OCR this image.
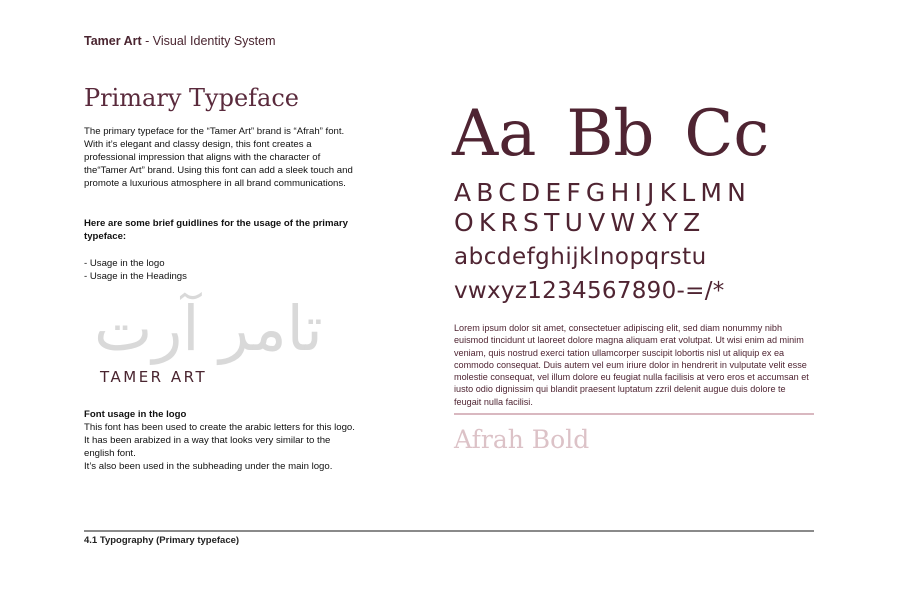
Tamer Art - Visual Identity System
Primary Typeface
The primary typeface for the “Tamer Art” brand is “Afrah” font. With it’s elegant and classy design, this font creates a professional impression that aligns with the character of the“Tamer Art” brand. Using this font can add a sleek touch and promote a luxurious atmosphere in all brand communications.
Here are some brief guidlines for the usage of the primary typeface:
- Usage in the logo
- Usage in the Headings
تامر آرت
TAMER ART
Font usage in the logo
This font has been used to create the arabic letters for this logo. It has been arabized in a way that looks very similar to the english font.
It’s also been used in the subheading under the main logo.
Aa Bb Cc
ABCDEFGHIJKLMN
OKRSTUVWXYZ
abcdefghijklnopqrstu
vwxyz1234567890-=/*
Lorem ipsum dolor sit amet, consectetuer adipiscing elit, sed diam nonummy nibh euismod tincidunt ut laoreet dolore magna aliquam erat volutpat. Ut wisi enim ad minim veniam, quis nostrud exerci tation ullamcorper suscipit lobortis nisl ut aliquip ex ea commodo consequat. Duis autem vel eum iriure dolor in hendrerit in vulputate velit esse molestie consequat, vel illum dolore eu feugiat nulla facilisis at vero eros et accumsan et iusto odio dignissim qui blandit praesent luptatum zzril delenit augue duis dolore te feugait nulla facilisi.
Afrah Bold
4.1 Typography (Primary typeface)
